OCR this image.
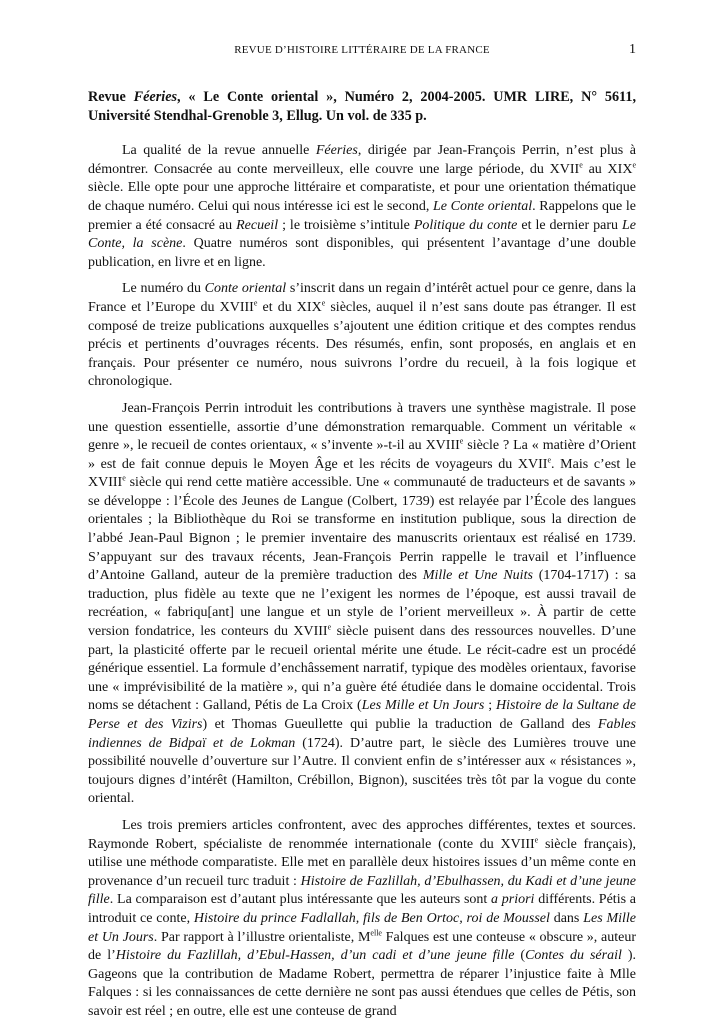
REVUE D’HISTOIRE LITTÉRAIRE DE LA FRANCE	1
Revue Féeries, « Le Conte oriental », Numéro 2, 2004-2005. UMR LIRE, N° 5611, Université Stendhal-Grenoble 3, Ellug. Un vol. de 335 p.

La qualité de la revue annuelle Féeries, dirigée par Jean-François Perrin, n’est plus à démontrer. Consacrée au conte merveilleux, elle couvre une large période, du XVIIe au XIXe siècle. Elle opte pour une approche littéraire et comparatiste, et pour une orientation thématique de chaque numéro. Celui qui nous intéresse ici est le second, Le Conte oriental. Rappelons que le premier a été consacré au Recueil ; le troisième s’intitule Politique du conte et le dernier paru Le Conte, la scène. Quatre numéros sont disponibles, qui présentent l’avantage d’une double publication, en livre et en ligne.

Le numéro du Conte oriental s’inscrit dans un regain d’intérêt actuel pour ce genre, dans la France et l’Europe du XVIIIe et du XIXe siècles, auquel il n’est sans doute pas étranger. Il est composé de treize publications auxquelles s’ajoutent une édition critique et des comptes rendus précis et pertinents d’ouvrages récents. Des résumés, enfin, sont proposés, en anglais et en français. Pour présenter ce numéro, nous suivrons l’ordre du recueil, à la fois logique et chronologique.

Jean-François Perrin introduit les contributions à travers une synthèse magistrale. Il pose une question essentielle, assortie d’une démonstration remarquable. Comment un véritable « genre », le recueil de contes orientaux, « s’invente »-t-il au XVIIIe siècle ? La « matière d’Orient » est de fait connue depuis le Moyen Âge et les récits de voyageurs du XVIIe. Mais c’est le XVIIIe siècle qui rend cette matière accessible. Une « communauté de traducteurs et de savants » se développe : l’École des Jeunes de Langue (Colbert, 1739) est relayée par l’École des langues orientales ; la Bibliothèque du Roi se transforme en institution publique, sous la direction de l’abbé Jean-Paul Bignon ; le premier inventaire des manuscrits orientaux est réalisé en 1739. S’appuyant sur des travaux récents, Jean-François Perrin rappelle le travail et l’influence d’Antoine Galland, auteur de la première traduction des Mille et Une Nuits (1704-1717) : sa traduction, plus fidèle au texte que ne l’exigent les normes de l’époque, est aussi travail de recréation, « fabriqu[ant] une langue et un style de l’orient merveilleux ». À partir de cette version fondatrice, les conteurs du XVIIIe siècle puisent dans des ressources nouvelles. D’une part, la plasticité offerte par le recueil oriental mérite une étude. Le récit-cadre est un procédé générique essentiel. La formule d’enchâssement narratif, typique des modèles orientaux, favorise une « imprévisibilité de la matière », qui n’a guère été étudiée dans le domaine occidental. Trois noms se détachent : Galland, Pétis de La Croix (Les Mille et Un Jours ; Histoire de la Sultane de Perse et des Vizirs) et Thomas Gueullette qui publie la traduction de Galland des Fables indiennes de Bidpaï et de Lokman (1724). D’autre part, le siècle des Lumières trouve une possibilité nouvelle d’ouverture sur l’Autre. Il convient enfin de s’intéresser aux « résistances », toujours dignes d’intérêt (Hamilton, Crébillon, Bignon), suscitées très tôt par la vogue du conte oriental.

Les trois premiers articles confrontent, avec des approches différentes, textes et sources. Raymonde Robert, spécialiste de renommée internationale (conte du XVIIIe siècle français), utilise une méthode comparatiste. Elle met en parallèle deux histoires issues d’un même conte en provenance d’un recueil turc traduit : Histoire de Fazlillah, d’Ebulhassen, du Kadi et d’une jeune fille. La comparaison est d’autant plus intéressante que les auteurs sont a priori différents. Pétis a introduit ce conte, Histoire du prince Fadlallah, fils de Ben Ortoc, roi de Moussel dans Les Mille et Un Jours. Par rapport à l’illustre orientaliste, $M^{elle}$ Falques est une conteuse « obscure », auteur de l’Histoire du Fazlillah, d’Ebul-Hassen, d’un cadi et d’une jeune fille (Contes du sérail ). Gageons que la contribution de Madame Robert, permettra de réparer l’injustice faite à Mlle Falques : si les connaissances de cette dernière ne sont pas aussi étendues que celles de Pétis, son savoir est réel ; en outre, elle est une conteuse de grand
